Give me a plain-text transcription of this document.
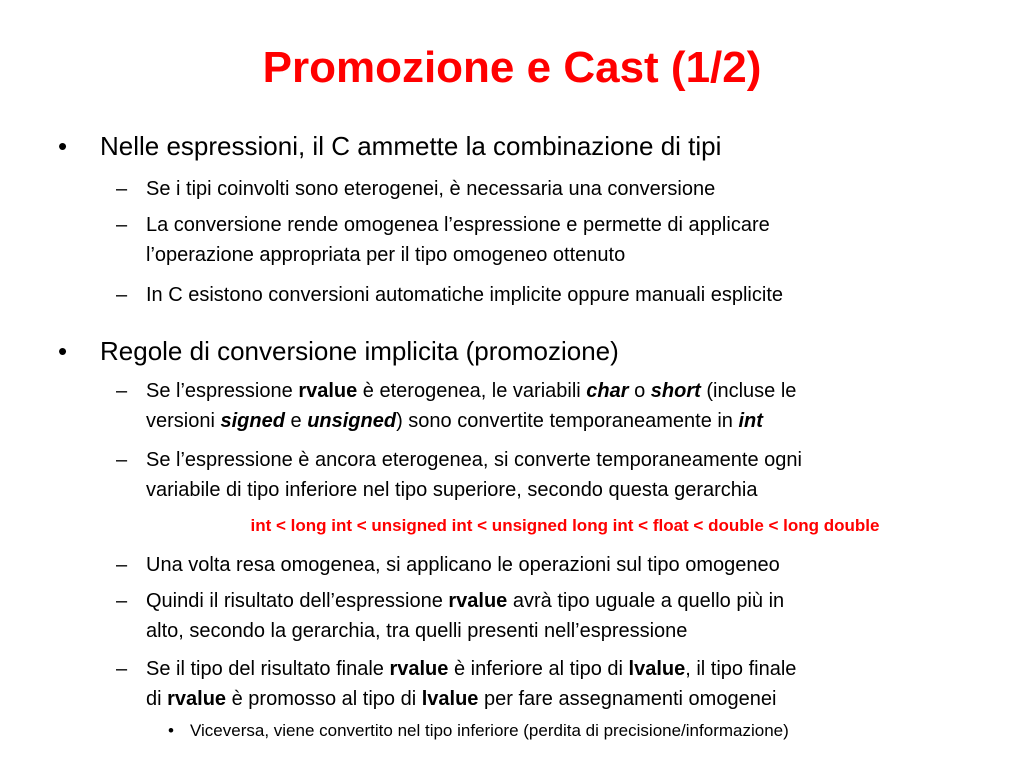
Promozione e Cast (1/2)
• Nelle espressioni, il C ammette la combinazione di tipi
– Se i tipi coinvolti sono eterogenei, è necessaria una conversione
– La conversione rende omogenea l’espressione e permette di applicare
l’operazione appropriata per il tipo omogeneo ottenuto
– In C esistono conversioni automatiche implicite oppure manuali esplicite
• Regole di conversione implicita (promozione)
– Se l’espressione rvalue è eterogenea, le variabili char o short (incluse le
versioni signed e unsigned) sono convertite temporaneamente in int
– Se l’espressione è ancora eterogenea, si converte temporaneamente ogni
variabile di tipo inferiore nel tipo superiore, secondo questa gerarchia
int < long int < unsigned int < unsigned long int < float < double < long double
– Una volta resa omogenea, si applicano le operazioni sul tipo omogeneo
– Quindi il risultato dell’espressione rvalue avrà tipo uguale a quello più in
alto, secondo la gerarchia, tra quelli presenti nell’espressione
– Se il tipo del risultato finale rvalue è inferiore al tipo di lvalue, il tipo finale
di rvalue è promosso al tipo di lvalue per fare assegnamenti omogenei
• Viceversa, viene convertito nel tipo inferiore (perdita di precisione/informazione)
